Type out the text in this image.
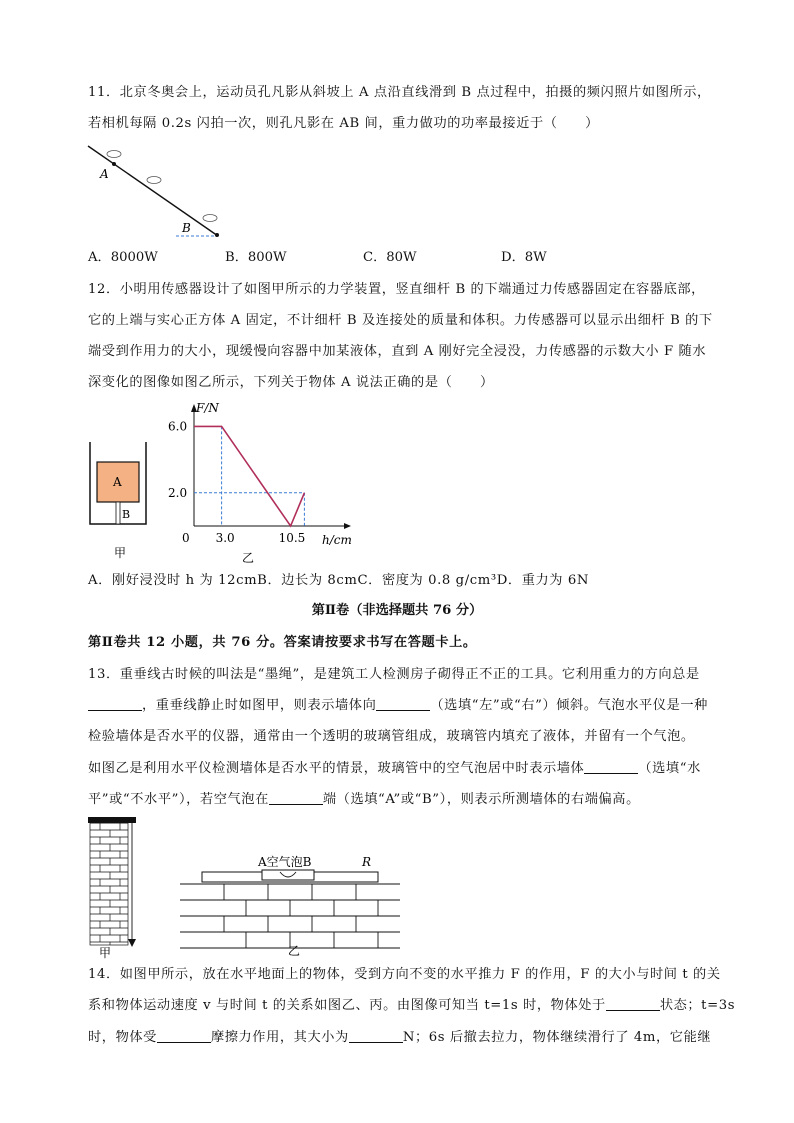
11．北京冬奥会上，运动员孔凡影从斜坡上 A 点沿直线滑到 B 点过程中，拍摄的频闪照片如图所示，
若相机每隔 0.2s 闪拍一次，则孔凡影在 AB 间，重力做功的功率最接近于（　　）
A
B
A．8000W	B．800W	C．80W	D．8W
12．小明用传感器设计了如图甲所示的力学装置，竖直细杆 B 的下端通过力传感器固定在容器底部，
它的上端与实心正方体 A 固定，不计细杆 B 及连接处的质量和体积。力传感器可以显示出细杆 B 的下
端受到作用力的大小，现缓慢向容器中加某液体，直到 A 刚好完全浸没，力传感器的示数大小 F 随水
深变化的图像如图乙所示，下列关于物体 A 说法正确的是（　　）
A
B
甲
6.0
2.0
0 3.0	10.5
F/N
h/cm
乙
A．刚好浸没时 h 为 12cmB．边长为 8cmC．密度为 0.8 g/cm³D．重力为 6N
第Ⅱ卷（非选择题共 76 分）
第Ⅱ卷共 12 小题，共 76 分。答案请按要求书写在答题卡上。
13．重垂线古时候的叫法是“墨绳”，是建筑工人检测房子砌得正不正的工具。它利用重力的方向总是
，重垂线静止时如图甲，则表示墙体向	（选填“左”或“右”）倾斜。气泡水平仪是一种
检验墙体是否水平的仪器，通常由一个透明的玻璃管组成，玻璃管内填充了液体，并留有一个气泡。
如图乙是利用水平仪检测墙体是否水平的情景，玻璃管中的空气泡居中时表示墙体	（选填“水
平”或“不水平”），若空气泡在	端（选填“A”或“B”），则表示所测墙体的右端偏高。
甲
A空气泡B	R
乙
14．如图甲所示，放在水平地面上的物体，受到方向不变的水平推力 F 的作用，F 的大小与时间 t 的关
系和物体运动速度 v 与时间 t 的关系如图乙、丙。由图像可知当 t=1s 时，物体处于	状态；t=3s
时，物体受	摩擦力作用，其大小为	N；6s 后撤去拉力，物体继续滑行了 4m，它能继
